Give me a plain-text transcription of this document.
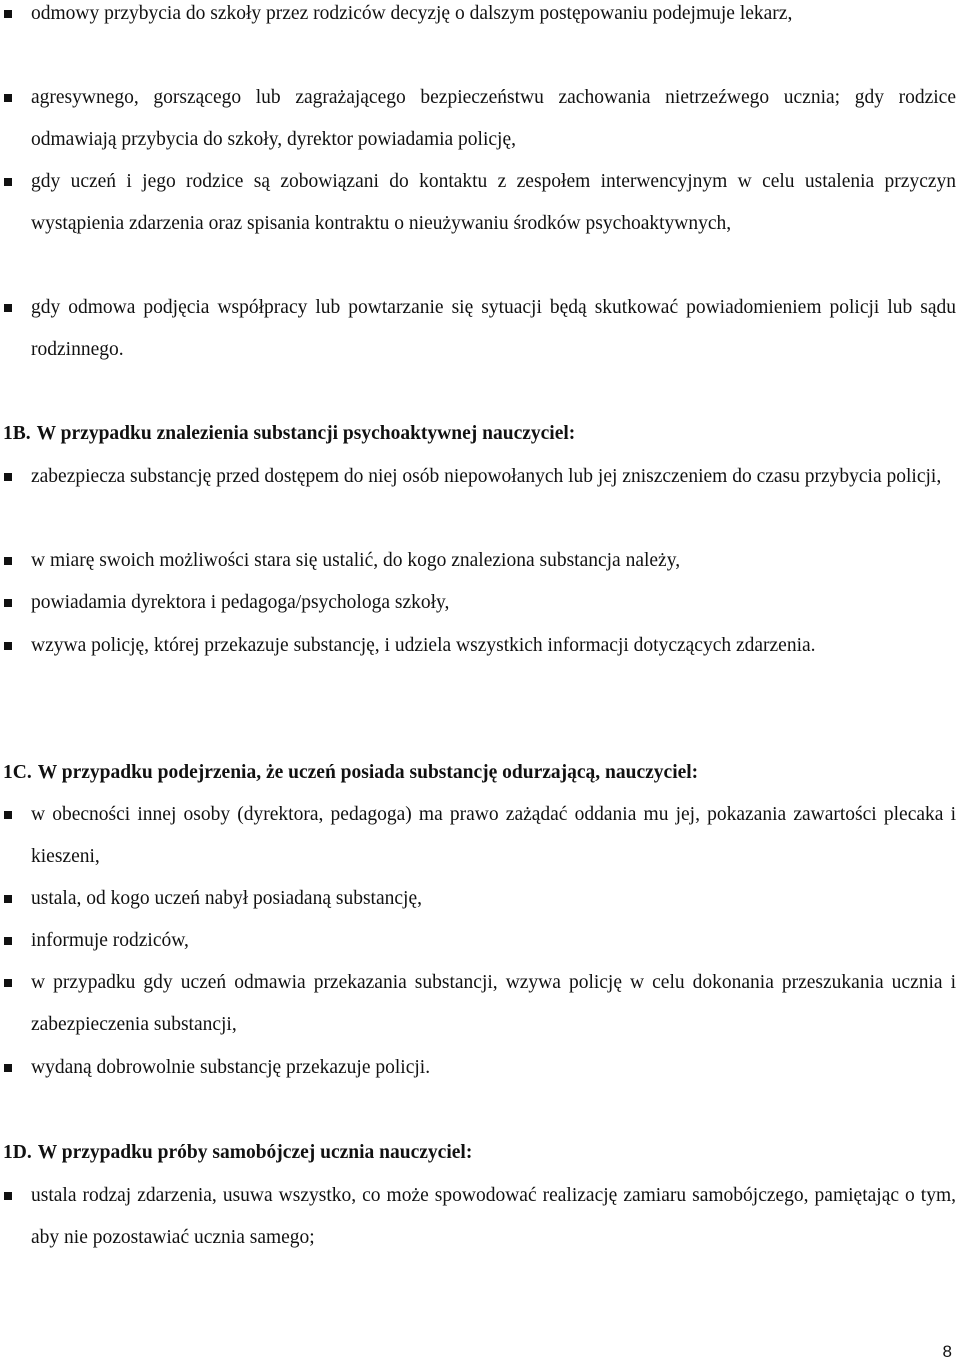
odmowy przybycia do szkoły przez rodziców decyzję o dalszym postępowaniu podejmuje lekarz,
agresywnego, gorszącego lub zagrażającego bezpieczeństwu zachowania nietrzeźwego ucznia; gdy rodzice odmawiają przybycia do szkoły, dyrektor powiadamia policję,
gdy uczeń i jego rodzice są zobowiązani do kontaktu z zespołem interwencyjnym w celu ustalenia przyczyn wystąpienia zdarzenia oraz spisania kontraktu o nieużywaniu środków psychoaktywnych,
gdy odmowa podjęcia współpracy lub powtarzanie się sytuacji będą skutkować powiadomieniem policji lub sądu rodzinnego.
1B. W przypadku znalezienia substancji psychoaktywnej nauczyciel:
zabezpiecza substancję przed dostępem do niej osób niepowołanych lub jej zniszczeniem do czasu przybycia policji,
w miarę swoich możliwości stara się ustalić, do kogo znaleziona substancja należy,
powiadamia dyrektora i pedagoga/psychologa szkoły,
wzywa policję, której przekazuje substancję, i udziela wszystkich informacji dotyczących zdarzenia.
1C. W przypadku podejrzenia, że uczeń posiada substancję odurzającą, nauczyciel:
w obecności innej osoby (dyrektora, pedagoga) ma prawo zażądać oddania mu jej, pokazania zawartości plecaka i kieszeni,
ustala, od kogo uczeń nabył posiadaną substancję,
informuje rodziców,
w przypadku gdy uczeń odmawia przekazania substancji, wzywa policję w celu dokonania przeszukania ucznia i zabezpieczenia substancji,
wydaną dobrowolnie substancję przekazuje policji.
1D. W przypadku próby samobójczej ucznia nauczyciel:
ustala rodzaj zdarzenia, usuwa wszystko, co może spowodować realizację zamiaru samobójczego, pamiętając o tym, aby nie pozostawiać ucznia samego;
8
